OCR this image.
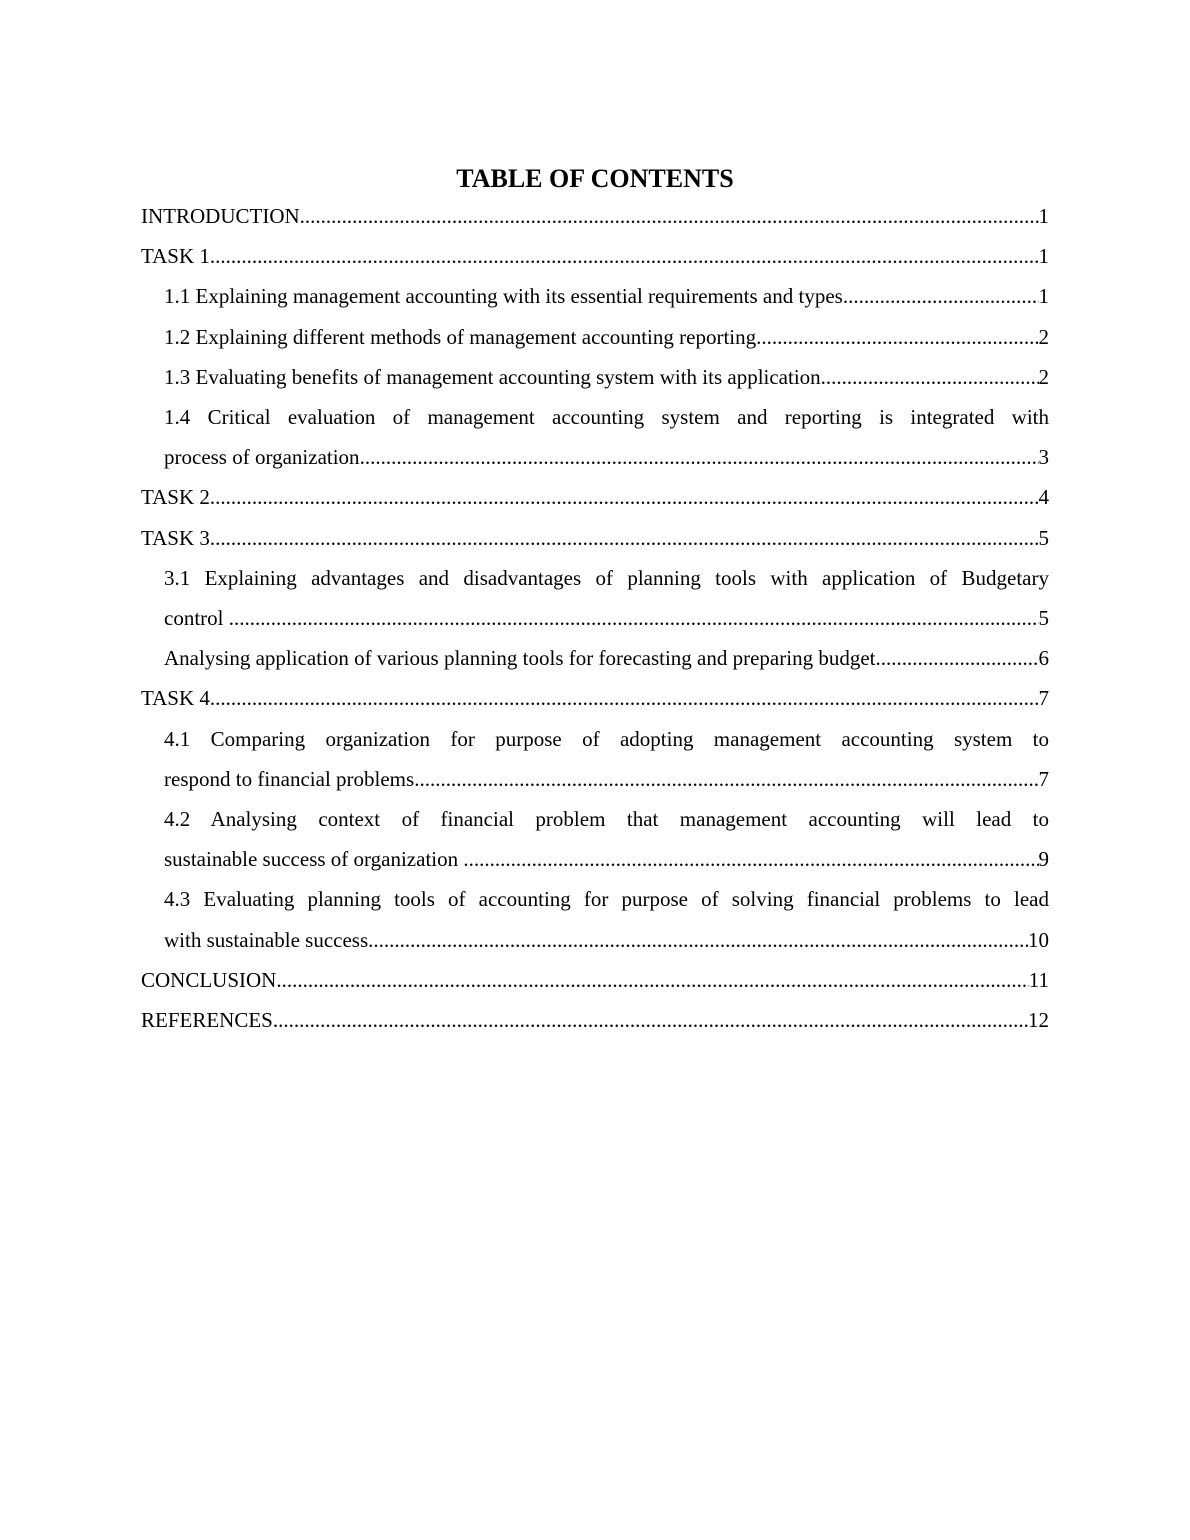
TABLE OF CONTENTS
INTRODUCTION .....	1
TASK 1 .....	1
1.1 Explaining management accounting with its essential requirements and types .....	1
1.2 Explaining different methods of management accounting reporting .....	2
1.3 Evaluating benefits of management accounting system with its application .....	2
1.4 Critical evaluation of management accounting system and reporting is integrated with
process of organization .....	3
TASK 2 .....	4
TASK 3 .....	5
3.1 Explaining advantages and disadvantages of planning tools with application of Budgetary
control .....	5
Analysing application of various planning tools for forecasting and preparing budget .....	6
TASK 4 .....	7
4.1 Comparing organization for purpose of adopting management accounting system to
respond to financial problems .....	7
4.2 Analysing context of financial problem that management accounting will lead to
sustainable success of organization .....	9
4.3 Evaluating planning tools of accounting for purpose of solving financial problems to lead
with sustainable success .....	10
CONCLUSION .....	11
REFERENCES .....	12
